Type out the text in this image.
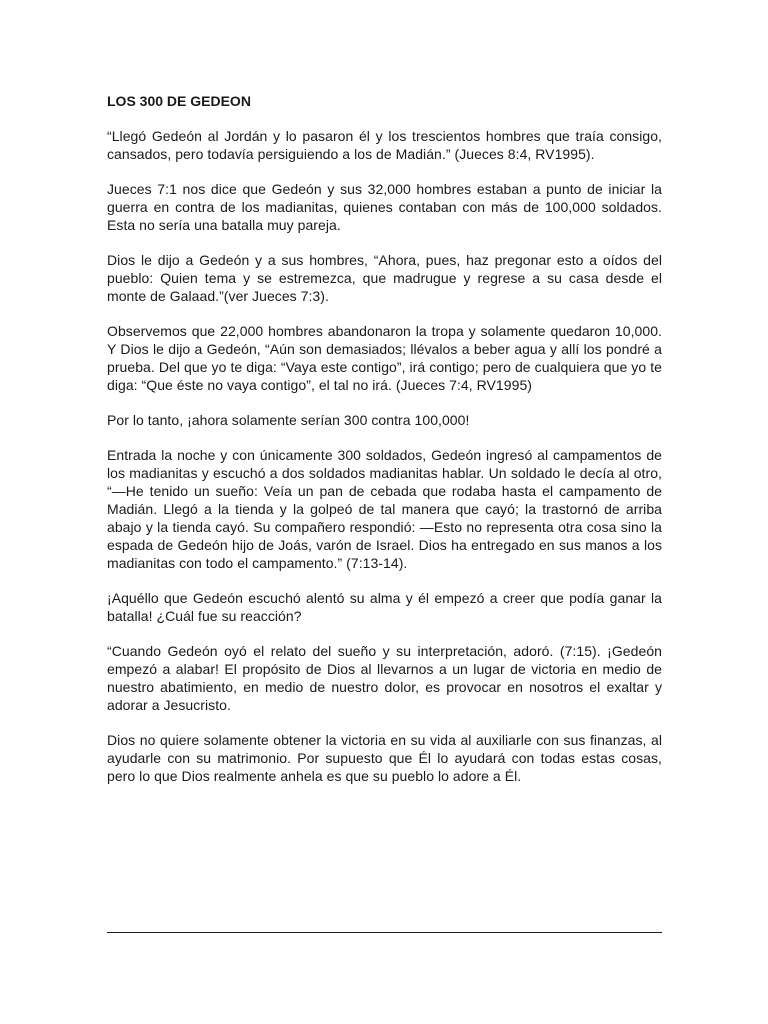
LOS 300 DE GEDEON

“Llegó Gedeón al Jordán y lo pasaron él y los trescientos hombres que traía consigo, cansados, pero todavía persiguiendo a los de Madián.” (Jueces 8:4, RV1995).

Jueces 7:1 nos dice que Gedeón y sus 32,000 hombres estaban a punto de iniciar la guerra en contra de los madianitas, quienes contaban con más de 100,000 soldados. Esta no sería una batalla muy pareja.

Dios le dijo a Gedeón y a sus hombres, “Ahora, pues, haz pregonar esto a oídos del pueblo: Quien tema y se estremezca, que madrugue y regrese a su casa desde el monte de Galaad.”(ver Jueces 7:3).

Observemos que 22,000 hombres abandonaron la tropa y solamente quedaron 10,000. Y Dios le dijo a Gedeón, “Aún son demasiados; llévalos a beber agua y allí los pondré a prueba. Del que yo te diga: “Vaya este contigo”, irá contigo; pero de cualquiera que yo te diga: “Que éste no vaya contigo”, el tal no irá. (Jueces 7:4, RV1995)

Por lo tanto, ¡ahora solamente serían 300 contra 100,000!

Entrada la noche y con únicamente 300 soldados, Gedeón ingresó al campamentos de los madianitas y escuchó a dos soldados madianitas hablar. Un soldado le decía al otro, “—He tenido un sueño: Veía un pan de cebada que rodaba hasta el campamento de Madián. Llegó a la tienda y la golpeó de tal manera que cayó; la trastornó de arriba abajo y la tienda cayó. Su compañero respondió: —Esto no representa otra cosa sino la espada de Gedeón hijo de Joás, varón de Israel. Dios ha entregado en sus manos a los madianitas con todo el campamento.” (7:13-14).

¡Aquéllo que Gedeón escuchó alentó su alma y él empezó a creer que podía ganar la batalla! ¿Cuál fue su reacción?

“Cuando Gedeón oyó el relato del sueño y su interpretación, adoró. (7:15). ¡Gedeón empezó a alabar! El propósito de Dios al llevarnos a un lugar de victoria en medio de nuestro abatimiento, en medio de nuestro dolor, es provocar en nosotros el exaltar y adorar a Jesucristo.

Dios no quiere solamente obtener la victoria en su vida al auxiliarle con sus finanzas, al ayudarle con su matrimonio. Por supuesto que Él lo ayudará con todas estas cosas, pero lo que Dios realmente anhela es que su pueblo lo adore a Él.
